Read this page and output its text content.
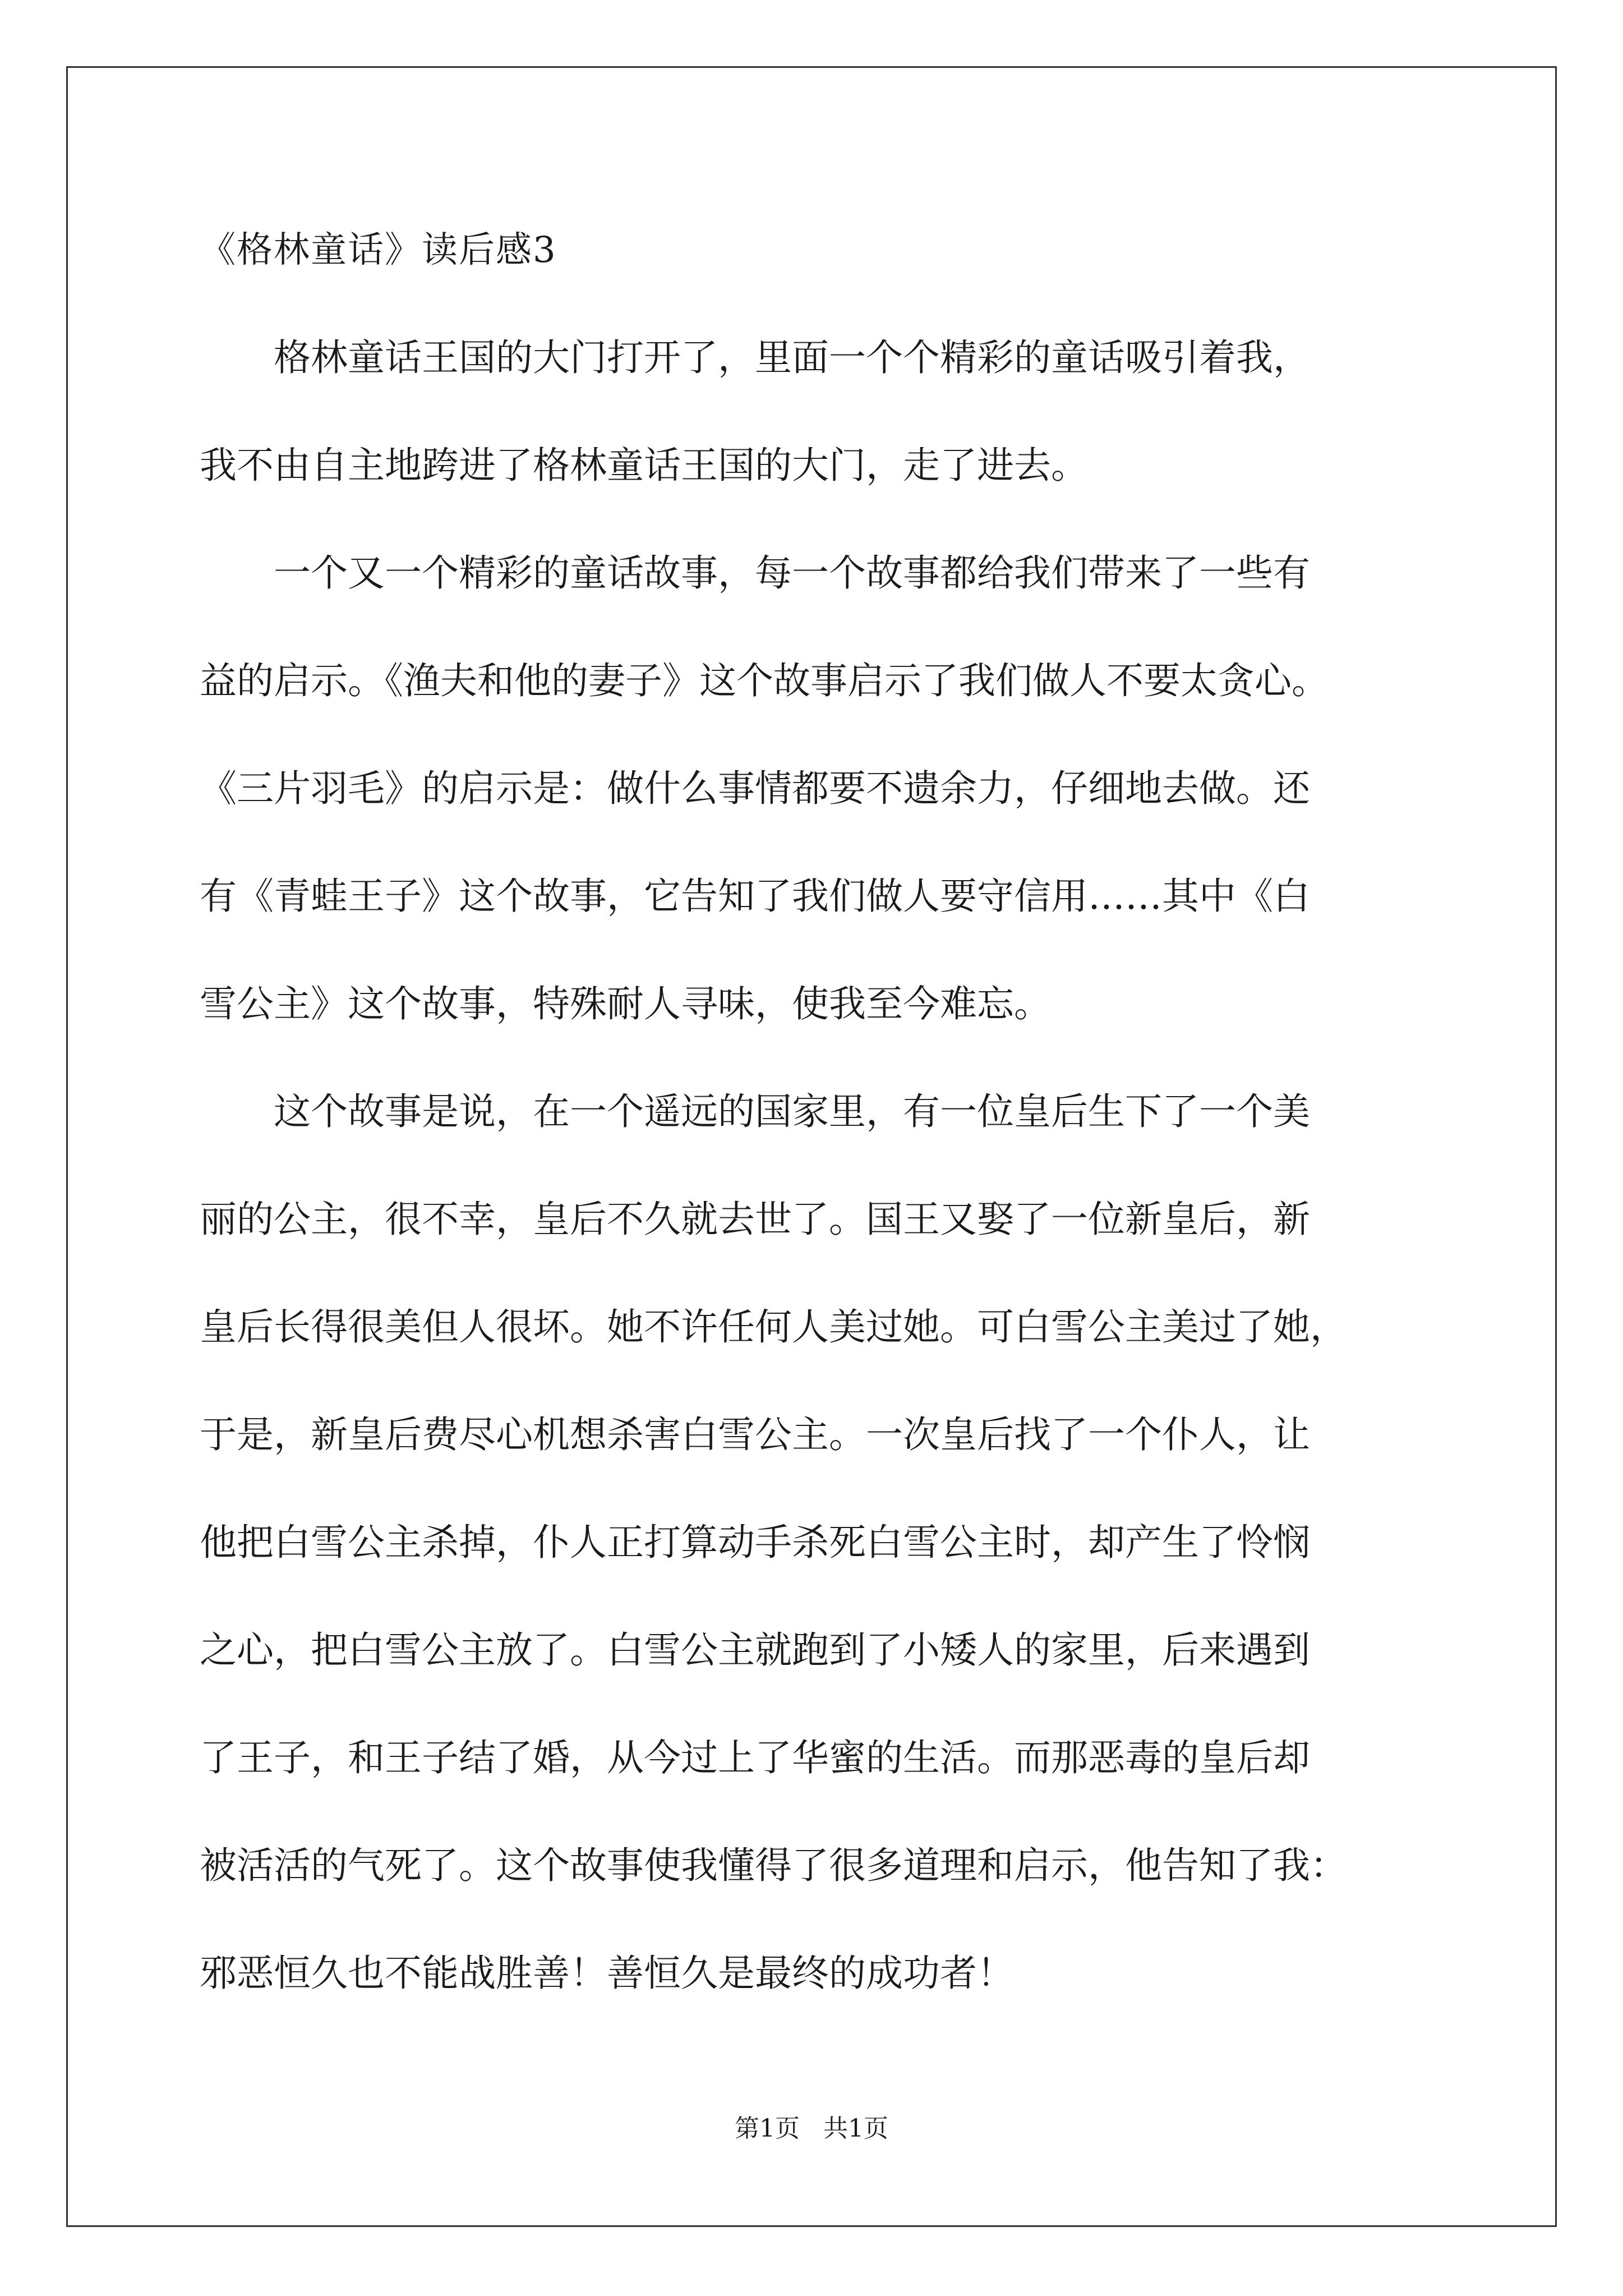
《格林童话》读后感3
格林童话王国的大门打开了，里面一个个精彩的童话吸引着我，
我不由自主地跨进了格林童话王国的大门，走了进去。
一个又一个精彩的童话故事，每一个故事都给我们带来了一些有
益的启示。《渔夫和他的妻子》这个故事启示了我们做人不要太贪心。
《三片羽毛》的启示是：做什么事情都要不遗余力，仔细地去做。还
有《青蛙王子》这个故事，它告知了我们做人要守信用……其中《白
雪公主》这个故事，特殊耐人寻味，使我至今难忘。
这个故事是说，在一个遥远的国家里，有一位皇后生下了一个美
丽的公主，很不幸，皇后不久就去世了。国王又娶了一位新皇后，新
皇后长得很美但人很坏。她不许任何人美过她。可白雪公主美过了她，
于是，新皇后费尽心机想杀害白雪公主。一次皇后找了一个仆人，让
他把白雪公主杀掉，仆人正打算动手杀死白雪公主时，却产生了怜悯
之心，把白雪公主放了。白雪公主就跑到了小矮人的家里，后来遇到
了王子，和王子结了婚，从今过上了华蜜的生活。而那恶毒的皇后却
被活活的气死了。这个故事使我懂得了很多道理和启示，他告知了我：
邪恶恒久也不能战胜善！善恒久是最终的成功者！
第1页   共1页
